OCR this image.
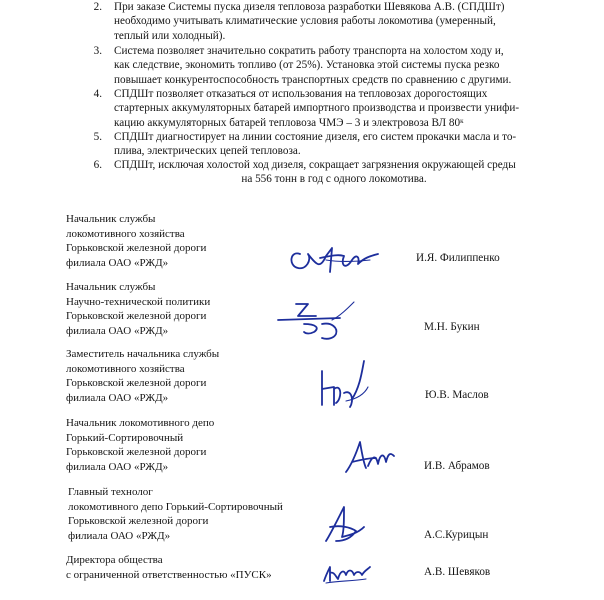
2. При заказе Системы пуска дизеля тепловоза разработки Шевякова А.В. (СПДШт)
необходимо учитывать климатические условия работы локомотива (умеренный,
теплый или холодный).
3. Система позволяет значительно сократить работу транспорта на холостом ходу и,
как следствие, экономить топливо (от 25%). Установка этой системы пуска резко
повышает конкурентоспособность транспортных средств по сравнению с другими.
4. СПДШт позволяет отказаться от использования на тепловозах дорогостоящих
стартерных аккумуляторных батарей импортного производства и произвести унифи-
кацию аккумуляторных батарей тепловоза ЧМЭ – 3 и электровоза ВЛ $80^к$
5. СПДШт диагностирует на линии состояние дизеля, его систем прокачки масла и то-
плива, электрических цепей тепловоза.
6. СПДШт, исключая холостой ход дизеля, сокращает загрязнения окружающей среды
на 556 тонн в год с одного локомотива.
Начальник службы
локомотивного хозяйства
Горьковской железной дороги
филиала ОАО «РЖД»	И.Я. Филиппенко
Начальник службы
Научно-технической политики
Горьковской железной дороги
филиала ОАО «РЖД»	М.Н. Букин
Заместитель начальника службы
локомотивного хозяйства
Горьковской железной дороги
филиала ОАО «РЖД»	Ю.В. Маслов
Начальник локомотивного депо
Горький-Сортировочный
Горьковской железной дороги
филиала ОАО «РЖД»	И.В. Абрамов
Главный технолог
локомотивного депо Горький-Сортировочный
Горьковской железной дороги
филиала ОАО «РЖД»	А.С.Курицын
Директора общества
с ограниченной ответственностью «ПУСК»	А.В. Шевяков
